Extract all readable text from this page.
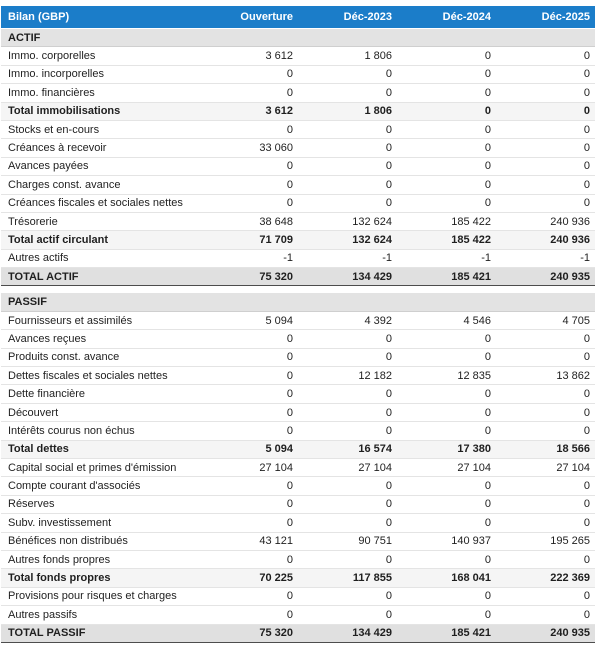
Bilan (GBP)	Ouverture	Déc-2023	Déc-2024	Déc-2025
ACTIF				
Immo. corporelles	3 612	1 806	0	0
Immo. incorporelles	0	0	0	0
Immo. financières	0	0	0	0
Total immobilisations	3 612	1 806	0	0
Stocks et en-cours	0	0	0	0
Créances à recevoir	33 060	0	0	0
Avances payées	0	0	0	0
Charges const. avance	0	0	0	0
Créances fiscales et sociales nettes	0	0	0	0
Trésorerie	38 648	132 624	185 422	240 936
Total actif circulant	71 709	132 624	185 422	240 936
Autres actifs	-1	-1	-1	-1
TOTAL ACTIF	75 320	134 429	185 421	240 935

PASSIF				
Fournisseurs et assimilés	5 094	4 392	4 546	4 705
Avances reçues	0	0	0	0
Produits const. avance	0	0	0	0
Dettes fiscales et sociales nettes	0	12 182	12 835	13 862
Dette financière	0	0	0	0
Découvert	0	0	0	0
Intérêts courus non échus	0	0	0	0
Total dettes	5 094	16 574	17 380	18 566
Capital social et primes d'émission	27 104	27 104	27 104	27 104
Compte courant d'associés	0	0	0	0
Réserves	0	0	0	0
Subv. investissement	0	0	0	0
Bénéfices non distribués	43 121	90 751	140 937	195 265
Autres fonds propres	0	0	0	0
Total fonds propres	70 225	117 855	168 041	222 369
Provisions pour risques et charges	0	0	0	0
Autres passifs	0	0	0	0
TOTAL PASSIF	75 320	134 429	185 421	240 935
